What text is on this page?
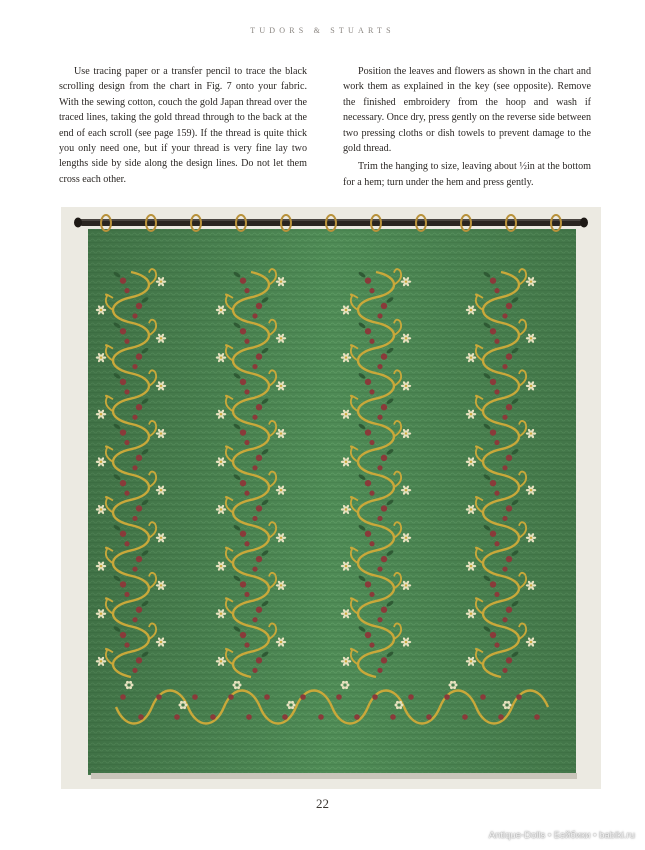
TUDORS & STUARTS

Use tracing paper or a transfer pencil to trace the black scrolling design from the chart in Fig. 7 onto your fabric. With the sewing cotton, couch the gold Japan thread over the traced lines, taking the gold thread through to the back at the end of each scroll (see page 159). If the thread is quite thick you only need one, but if your thread is very fine lay two lengths side by side along the design lines. Do not let them cross each other.

Position the leaves and flowers as shown in the chart and work them as explained in the key (see opposite). Remove the finished embroidery from the hoop and wash if necessary. Once dry, press gently on the reverse side between two pressing cloths or dish towels to prevent damage to the gold thread.

Trim the hanging to size, leaving about ½in at the bottom for a hem; turn under the hem and press gently.

22
Antique-Dolls • Бэйбики • babiki.ru
